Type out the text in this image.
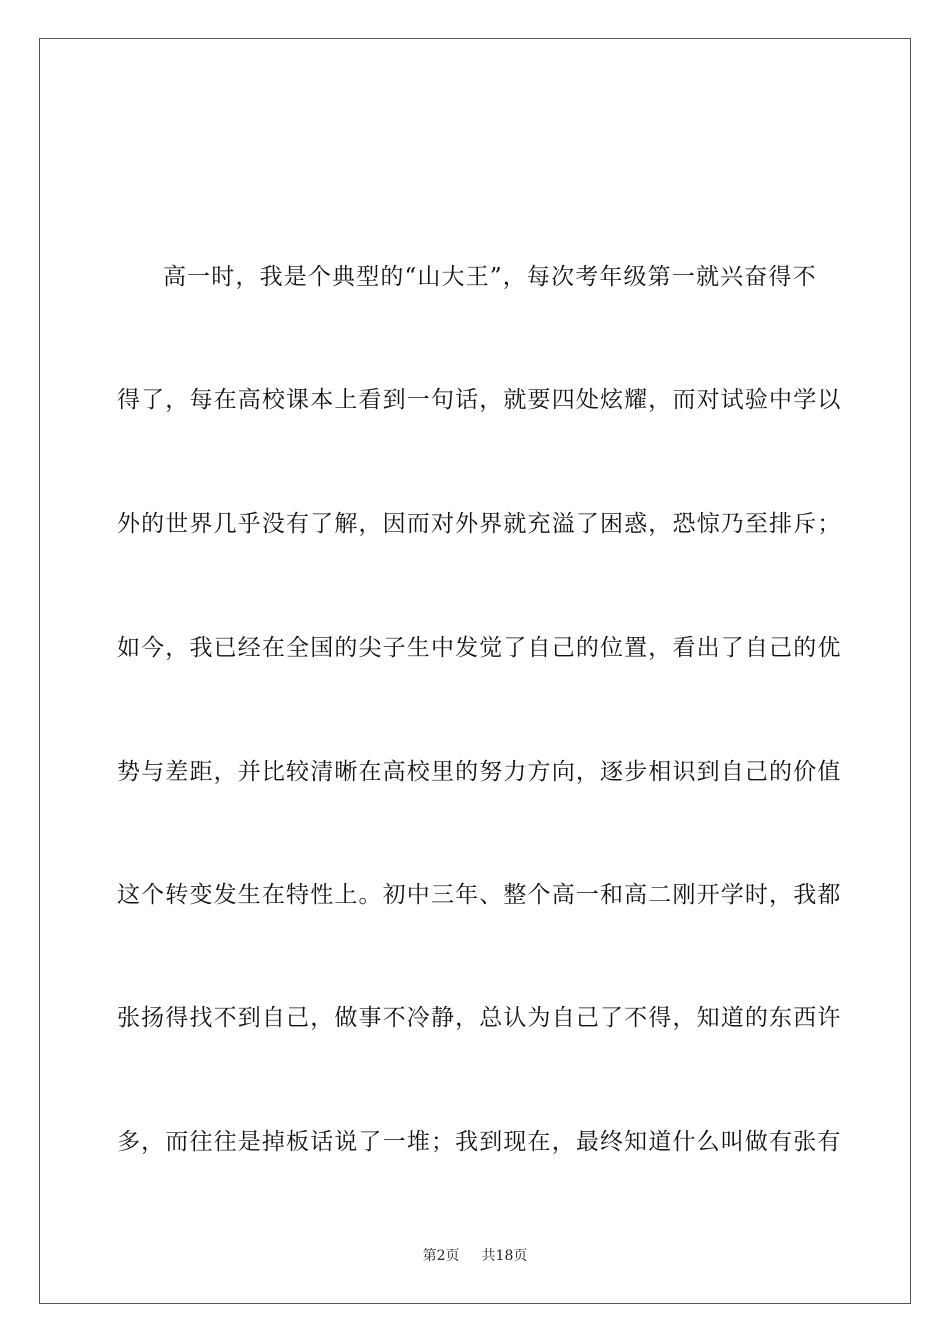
高一时，我是个典型的“山大王”，每次考年级第一就兴奋得不
得了，每在高校课本上看到一句话，就要四处炫耀，而对试验中学以
外的世界几乎没有了解，因而对外界就充溢了困惑，恐惊乃至排斥；
如今，我已经在全国的尖子生中发觉了自己的位置，看出了自己的优
势与差距，并比较清晰在高校里的努力方向，逐步相识到自己的价值
这个转变发生在特性上。初中三年、整个高一和高二刚开学时，我都
张扬得找不到自己，做事不冷静，总认为自己了不得，知道的东西许
多，而往往是掉板话说了一堆；我到现在，最终知道什么叫做有张有
第2页 共18页
